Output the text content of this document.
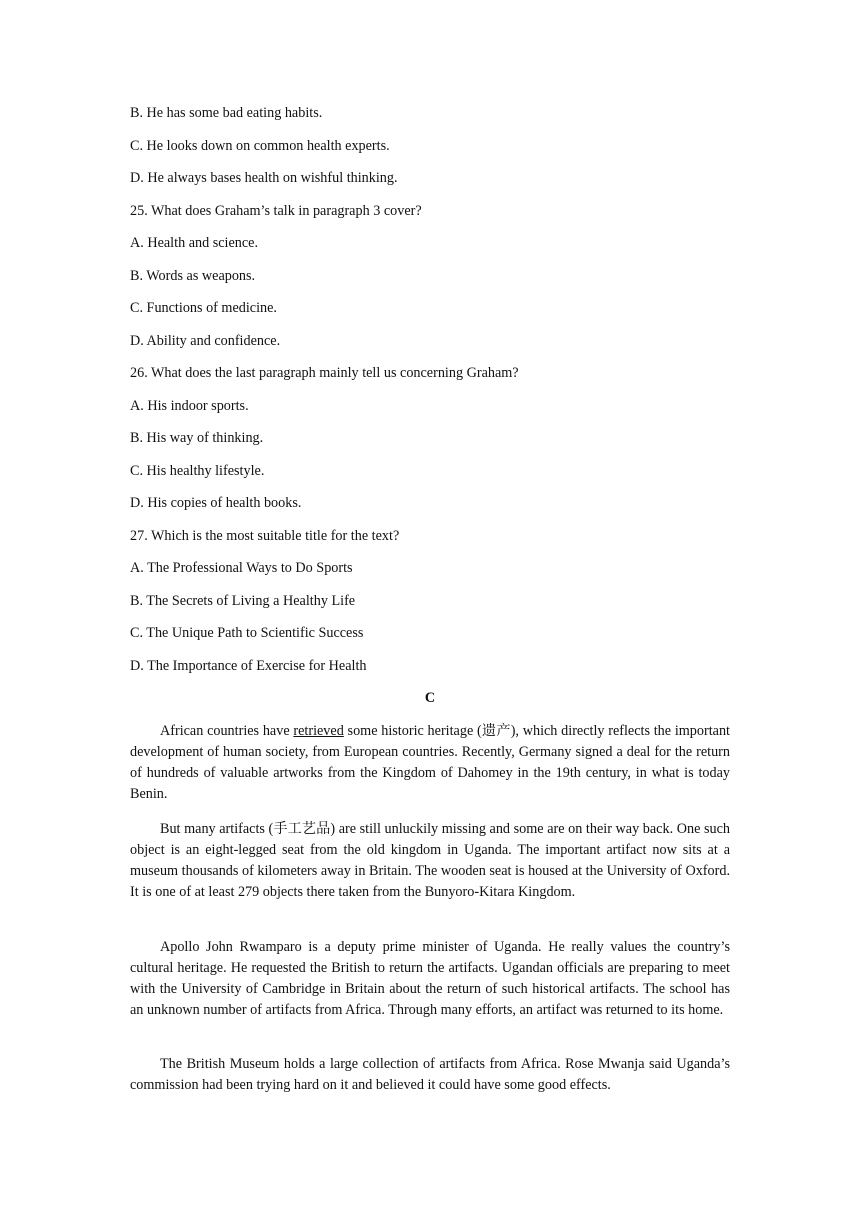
B. He has some bad eating habits.
C. He looks down on common health experts.
D. He always bases health on wishful thinking.
25. What does Graham’s talk in paragraph 3 cover?
A. Health and science.
B. Words as weapons.
C. Functions of medicine.
D. Ability and confidence.
26. What does the last paragraph mainly tell us concerning Graham?
A. His indoor sports.
B. His way of thinking.
C. His healthy lifestyle.
D. His copies of health books.
27. Which is the most suitable title for the text?
A. The Professional Ways to Do Sports
B. The Secrets of Living a Healthy Life
C. The Unique Path to Scientific Success
D. The Importance of Exercise for Health
C

African countries have retrieved some historic heritage (遗产), which directly reflects the important development of human society, from European countries. Recently, Germany signed a deal for the return of hundreds of valuable artworks from the Kingdom of Dahomey in the 19th century, in what is today Benin.

But many artifacts (手工艺品) are still unluckily missing and some are on their way back. One such object is an eight-legged seat from the old kingdom in Uganda. The important artifact now sits at a museum thousands of kilometers away in Britain. The wooden seat is housed at the University of Oxford. It is one of at least 279 objects there taken from the Bunyoro-Kitara Kingdom.

Apollo John Rwamparo is a deputy prime minister of Uganda. He really values the country’s cultural heritage. He requested the British to return the artifacts. Ugandan officials are preparing to meet with the University of Cambridge in Britain about the return of such historical artifacts. The school has an unknown number of artifacts from Africa. Through many efforts, an artifact was returned to its home.

The British Museum holds a large collection of artifacts from Africa. Rose Mwanja said Uganda’s commission had been trying hard on it and believed it could have some good effects.
